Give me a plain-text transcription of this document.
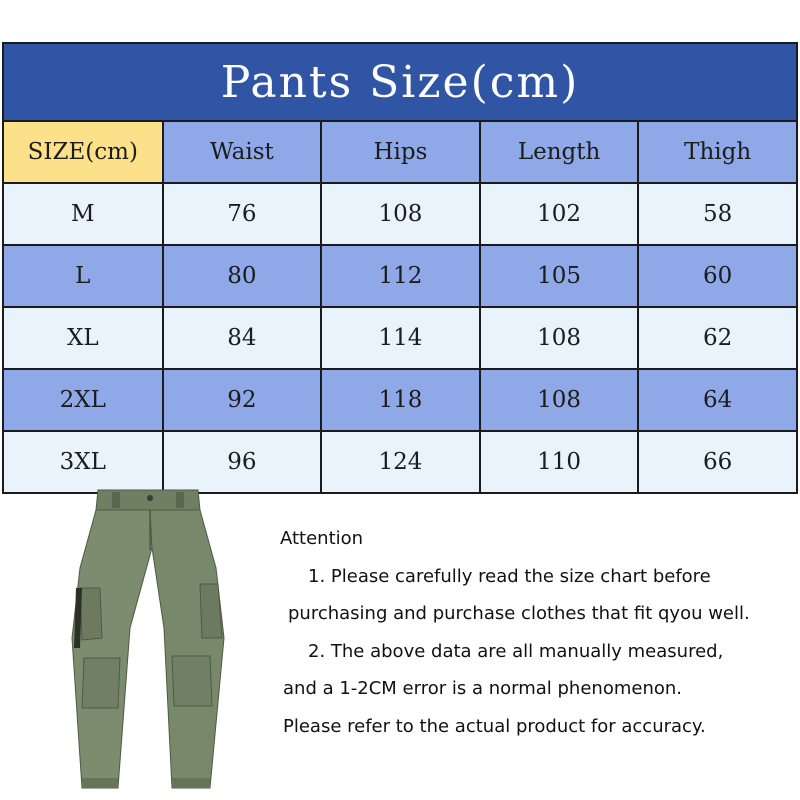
Pants Size(cm)
SIZE(cm)	Waist	Hips	Length	Thigh
M	76	108	102	58
L	80	112	105	60
XL	84	114	108	62
2XL	92	118	108	64
3XL	96	124	110	66
Attention
1. Please carefully read the size chart before
purchasing and purchase clothes that fit qyou well.
2. The above data are all manually measured,
and a 1-2CM error is a normal phenomenon.
Please refer to the actual product for accuracy.
